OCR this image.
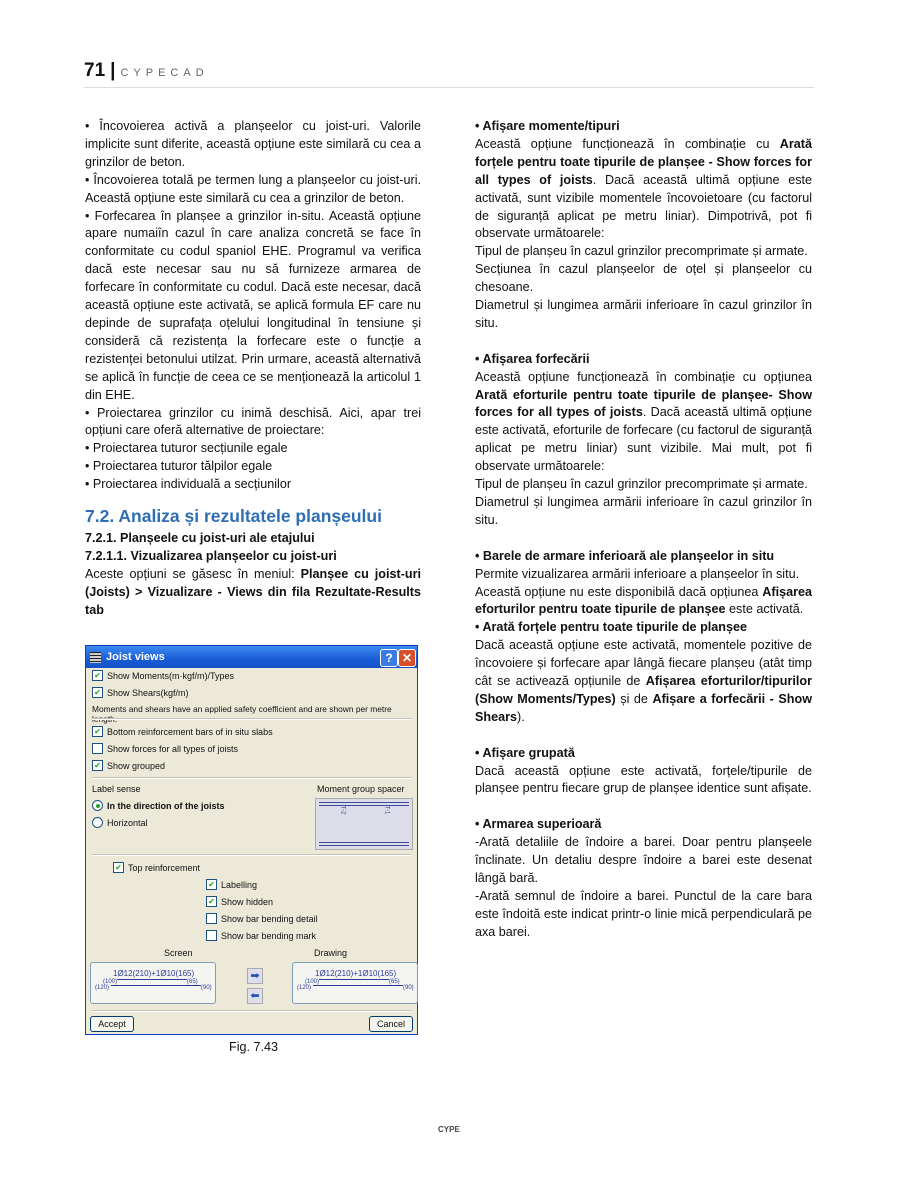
71 | CYPECAD

• Încovoierea activă a planșeelor cu joist-uri. Valorile implicite sunt diferite, această opțiune este similară cu cea a grinzilor de beton.

• Încovoierea totală pe termen lung a planșeelor cu joist-uri. Această opțiune este similară cu cea a grinzilor de beton.

• Forfecarea în planșee a grinzilor in-situ. Această opțiune apare numaiîn cazul în care analiza concretă se face în conformitate cu codul spaniol EHE. Programul va verifica dacă este necesar sau nu să furnizeze armarea de forfecare în conformitate cu codul. Dacă este necesar, dacă această opțiune este activată, se aplică formula EF care nu depinde de suprafața oțelului longitudinal în tensiune și consideră că rezistența la forfecare este o funcție a rezistenței betonului utilzat. Prin urmare, această alternativă se aplică în funcție de ceea ce se menționează la articolul 1 din EHE.

• Proiectarea grinzilor cu inimă deschisă. Aici, apar trei opțiuni care oferă alternative de proiectare:

• Proiectarea tuturor secțiunile egale

• Proiectarea tuturor tălpilor egale

• Proiectarea individuală a secțiunilor

7.2. Analiza și rezultatele planșeului

7.2.1. Planșeele cu joist-uri ale etajului

7.2.1.1. Vizualizarea planșeelor cu joist-uri

Aceste opțiuni se găsesc în meniul: Planșee cu joist-uri (Joists) > Vizualizare - Views din fila Rezultate-Results tab

Joist views	? ✕
✔ Show Moments(m·kgf/m)/Types
✔ Show Shears(kgf/m)
Moments and shears have an applied safety coefficient and are shown per metre
✔ Bottom reinforcement bars of in situ slabs
Show forces for all types of joists
✔ Show grouped
Label sense
In the direction of the joists
Horizontal
Moment group spacer
T-2	T-1
✔ Top reinforcement
✔ Labelling
✔ Show hidden
Show bar bending detail
Show bar bending mark
Screen	Drawing
1Ø12(210)+1Ø10(165)
(100)	(65)
(120)	(90)
1Ø12(210)+1Ø10(165)
(100)	(65)
(120)	(90)
➡
⬅
Accept	Cancel
Fig. 7.43

• Afișare momente/tipuri

Această opțiune funcționează în combinație cu Arată forțele pentru toate tipurile de planșee - Show forces for all types of joists. Dacă această ultimă opțiune este activată, sunt vizibile momentele încovoietoare (cu factorul de siguranță aplicat pe metru liniar). Dimpotrivă, pot fi observate următoarele:

Tipul de planșeu în cazul grinzilor precomprimate și armate.

Secțiunea în cazul planșeelor de oțel și planșeelor cu chesoane.

Diametrul și lungimea armării inferioare în cazul grinzilor în situ.

• Afișarea forfecării

Această opțiune funcționează în combinație cu opțiunea Arată eforturile pentru toate tipurile de planșee- Show forces for all types of joists. Dacă această ultimă opțiune este activată, eforturile de forfecare (cu factorul de siguranță aplicat pe metru liniar) sunt vizibile. Mai mult, pot fi observate următoarele:

Tipul de planșeu în cazul grinzilor precomprimate și armate.

Diametrul și lungimea armării inferioare în cazul grinzilor în situ.

• Barele de armare inferioară ale planșeelor in situ

Permite vizualizarea armării inferioare a planșeelor în situ.

Această opțiune nu este disponibilă dacă opțiunea Afișarea eforturilor pentru toate tipurile de planșee este activată.

• Arată forțele pentru toate tipurile de planșee

Dacă această opțiune este activată, momentele pozitive de încovoiere și forfecare apar lângă fiecare planșeu (atât timp cât se activează opțiunile de Afișarea eforturilor/tipurilor (Show Moments/Types) și de Afișare a forfecării - Show Shears).

• Afișare grupată

Dacă această opțiune este activată, forțele/tipurile de planșee pentru fiecare grup de planșee identice sunt afișate.

• Armarea superioară

-Arată detaliile de îndoire a barei. Doar pentru planșeele înclinate. Un detaliu despre îndoire a barei este desenat lângă bară.

-Arată semnul de îndoire a barei. Punctul de la care bara este îndoită este indicat printr-o linie mică perpendiculară pe axa barei.

CYPE
